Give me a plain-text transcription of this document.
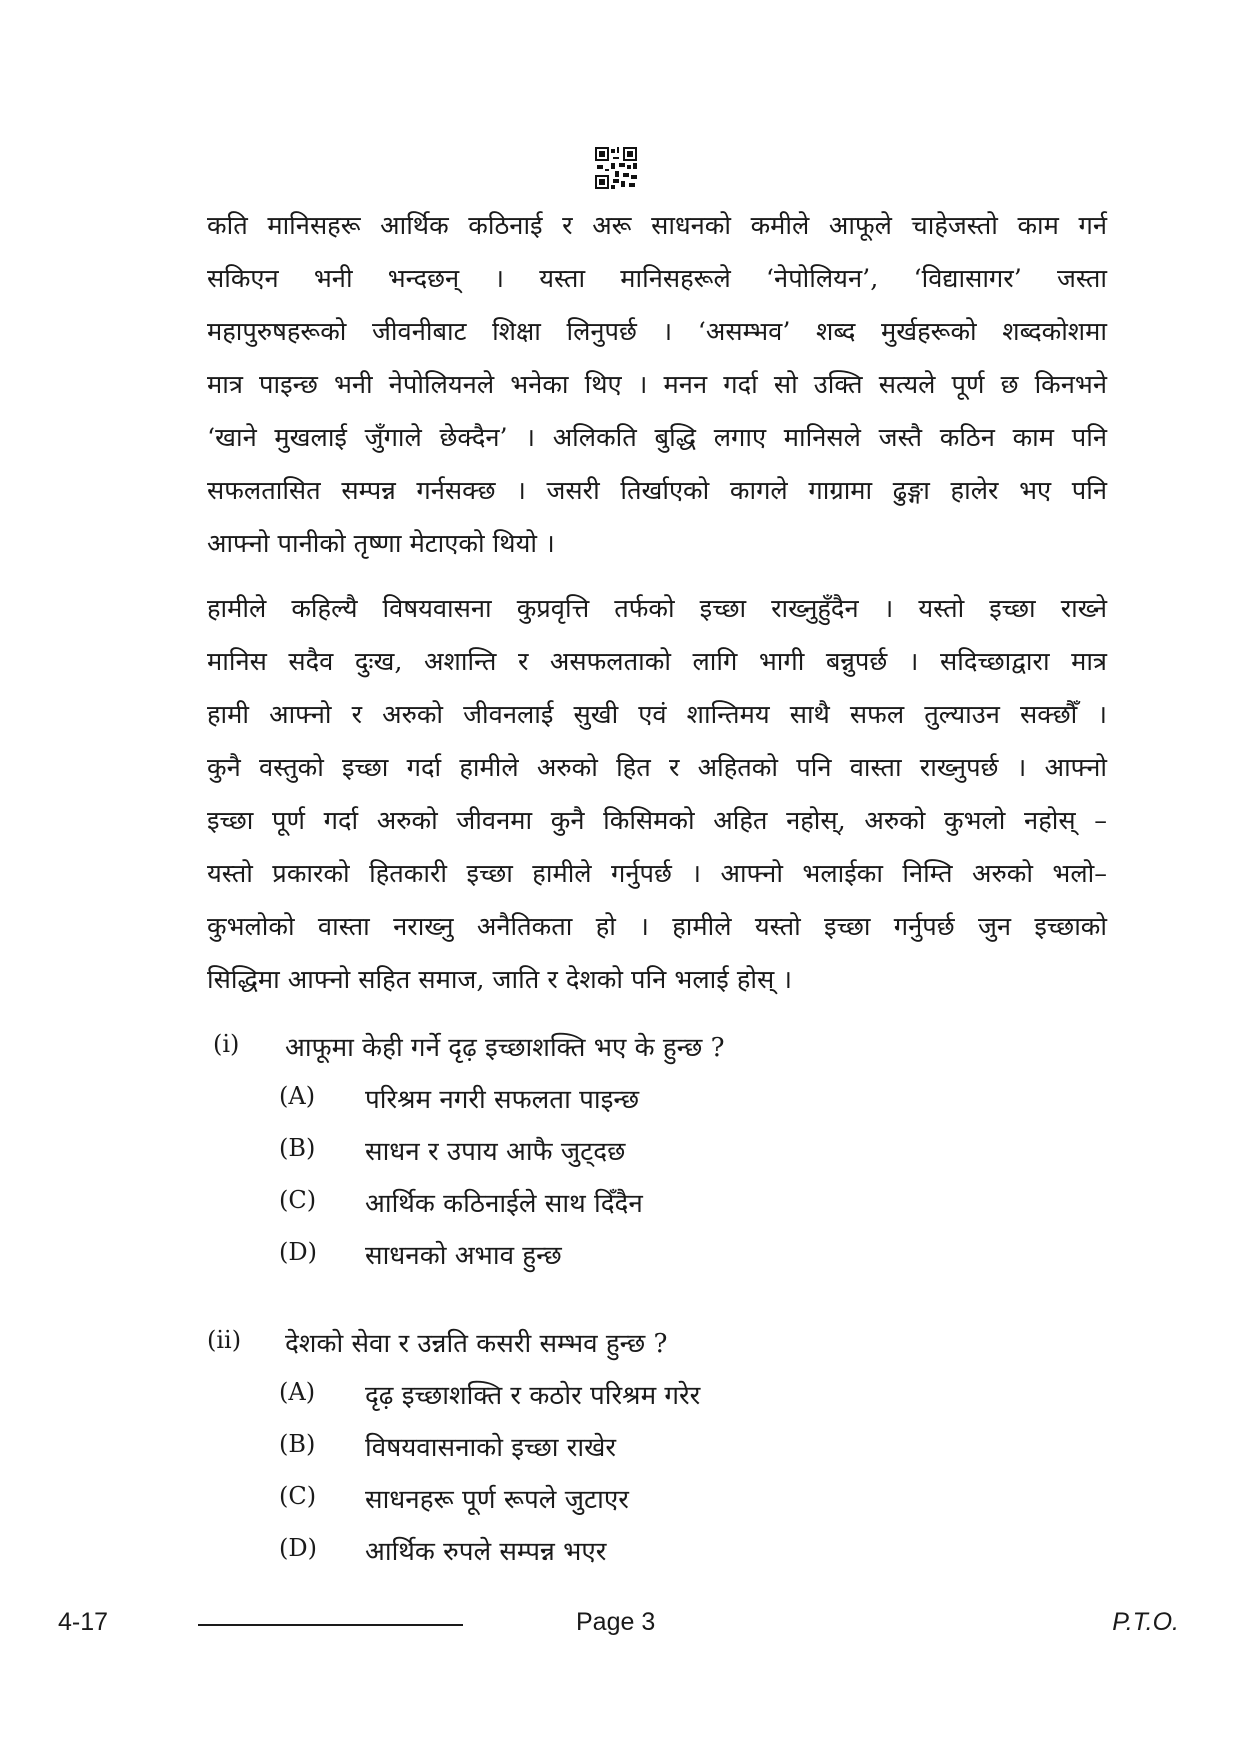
कति मानिसहरू आर्थिक कठिनाई र अरू साधनको कमीले आफूले चाहेजस्तो काम गर्न

सकिएन भनी भन्दछन् । यस्ता मानिसहरूले ‘नेपोलियन’, ‘विद्यासागर’ जस्ता

महापुरुषहरूको जीवनीबाट शिक्षा लिनुपर्छ । ‘असम्भव’ शब्द मुर्खहरूको शब्दकोशमा

मात्र पाइन्छ भनी नेपोलियनले भनेका थिए । मनन गर्दा सो उक्ति सत्यले पूर्ण छ किनभने

‘खाने मुखलाई जुँगाले छेक्दैन’ । अलिकति बुद्धि लगाए मानिसले जस्तै कठिन काम पनि

सफलतासित सम्पन्न गर्नसक्छ । जसरी तिर्खाएको कागले गाग्रामा ढुङ्गा हालेर भए पनि

आफ्नो पानीको तृष्णा मेटाएको थियो ।

हामीले कहिल्यै विषयवासना कुप्रवृत्ति तर्फको इच्छा राख्नुहुँदैन । यस्तो इच्छा राख्ने

मानिस सदैव दुःख, अशान्ति र असफलताको लागि भागी बन्नुपर्छ । सदिच्छाद्वारा मात्र

हामी आफ्नो र अरुको जीवनलाई सुखी एवं शान्तिमय साथै सफल तुल्याउन सक्छौँ ।

कुनै वस्तुको इच्छा गर्दा हामीले अरुको हित र अहितको पनि वास्ता राख्नुपर्छ । आफ्नो

इच्छा पूर्ण गर्दा अरुको जीवनमा कुनै किसिमको अहित नहोस्, अरुको कुभलो नहोस् –

यस्तो प्रकारको हितकारी इच्छा हामीले गर्नुपर्छ । आफ्नो भलाईका निम्ति अरुको भलो–

कुभलोको वास्ता नराख्नु अनैतिकता हो । हामीले यस्तो इच्छा गर्नुपर्छ जुन इच्छाको

सिद्धिमा आफ्नो सहित समाज, जाति र देशको पनि भलाई होस् ।

(i) आफूमा केही गर्ने दृढ़ इच्छाशक्ति भए के हुन्छ ?
(A) परिश्रम नगरी सफलता पाइन्छ
(B) साधन र उपाय आफै जुट्दछ
(C) आर्थिक कठिनाईले साथ दिँदैन
(D) साधनको अभाव हुन्छ
(ii) देशको सेवा र उन्नति कसरी सम्भव हुन्छ ?
(A) दृढ़ इच्छाशक्ति र कठोर परिश्रम गरेर
(B) विषयवासनाको इच्छा राखेर
(C) साधनहरू पूर्ण रूपले जुटाएर
(D) आर्थिक रुपले सम्पन्न भएर
4-17	Page 3	P.T.O.
